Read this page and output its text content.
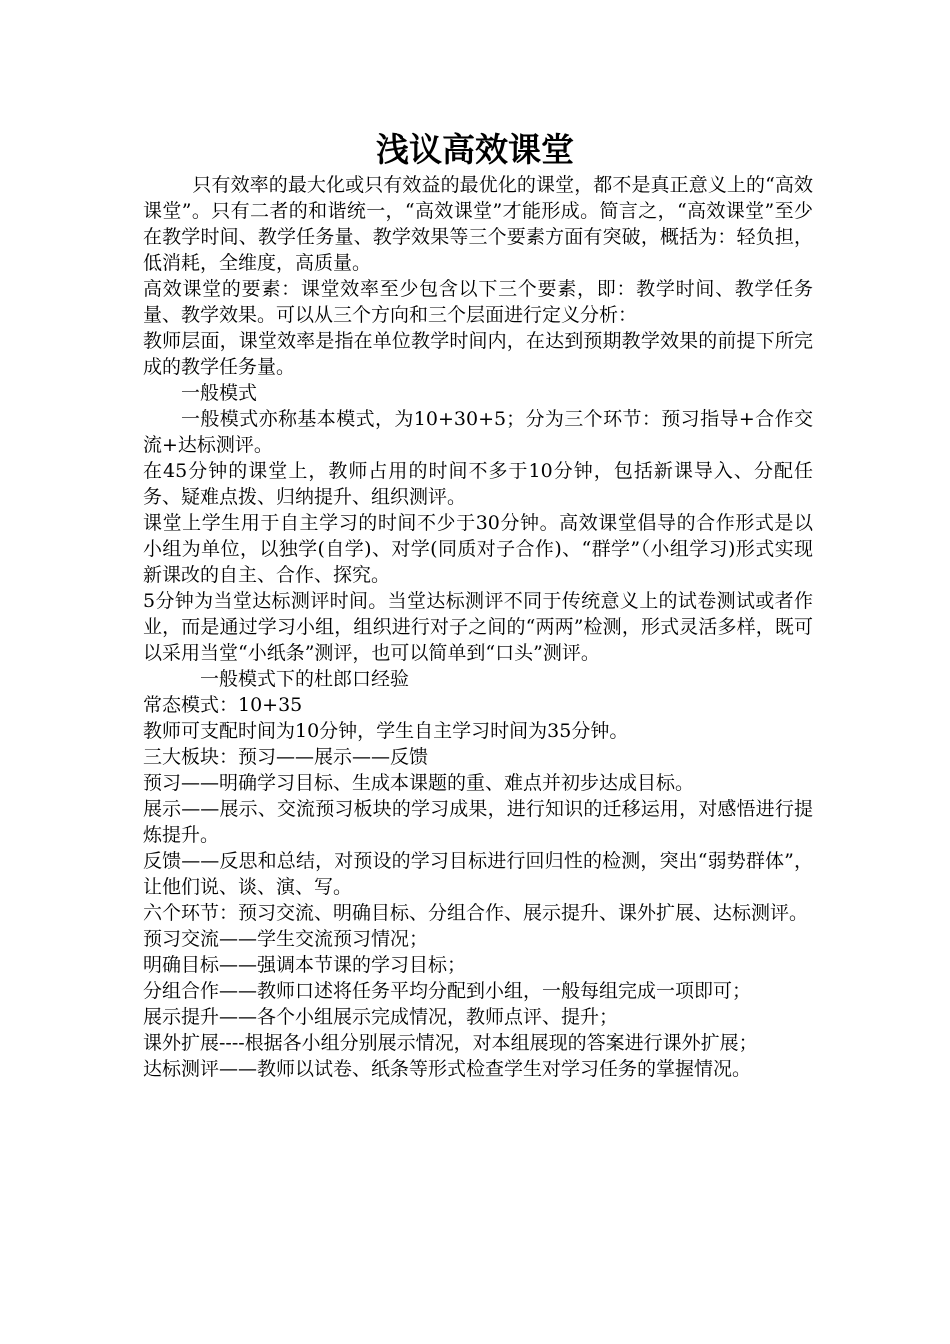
浅议高效课堂

只有效率的最大化或只有效益的最优化的课堂，都不是真正意义上的“高效课堂”。只有二者的和谐统一，“高效课堂”才能形成。简言之，“高效课堂”至少在教学时间、教学任务量、教学效果等三个要素方面有突破，概括为：轻负担，低消耗，全维度，高质量。

高效课堂的要素：课堂效率至少包含以下三个要素，即：教学时间、教学任务量、教学效果。可以从三个方向和三个层面进行定义分析：

教师层面，课堂效率是指在单位教学时间内，在达到预期教学效果的前提下所完成的教学任务量。

一般模式

一般模式亦称基本模式，为10+30+5；分为三个环节：预习指导+合作交流+达标测评。

在45分钟的课堂上，教师占用的时间不多于10分钟，包括新课导入、分配任务、疑难点拨、归纳提升、组织测评。

课堂上学生用于自主学习的时间不少于30分钟。高效课堂倡导的合作形式是以小组为单位，以独学(自学)、对学(同质对子合作)、“群学”（小组学习)形式实现新课改的自主、合作、探究。

5分钟为当堂达标测评时间。当堂达标测评不同于传统意义上的试卷测试或者作业，而是通过学习小组，组织进行对子之间的“两两”检测，形式灵活多样，既可以采用当堂“小纸条”测评，也可以简单到“口头”测评。

一般模式下的杜郎口经验

常态模式：10+35

教师可支配时间为10分钟，学生自主学习时间为35分钟。

三大板块：预习——展示——反馈

预习——明确学习目标、生成本课题的重、难点并初步达成目标。

展示——展示、交流预习板块的学习成果，进行知识的迁移运用，对感悟进行提炼提升。

反馈——反思和总结，对预设的学习目标进行回归性的检测，突出“弱势群体”，让他们说、谈、演、写。

六个环节：预习交流、明确目标、分组合作、展示提升、课外扩展、达标测评。

预习交流——学生交流预习情况；

明确目标——强调本节课的学习目标；

分组合作——教师口述将任务平均分配到小组，一般每组完成一项即可；

展示提升——各个小组展示完成情况，教师点评、提升；

课外扩展----根据各小组分别展示情况，对本组展现的答案进行课外扩展；

达标测评——教师以试卷、纸条等形式检查学生对学习任务的掌握情况。
